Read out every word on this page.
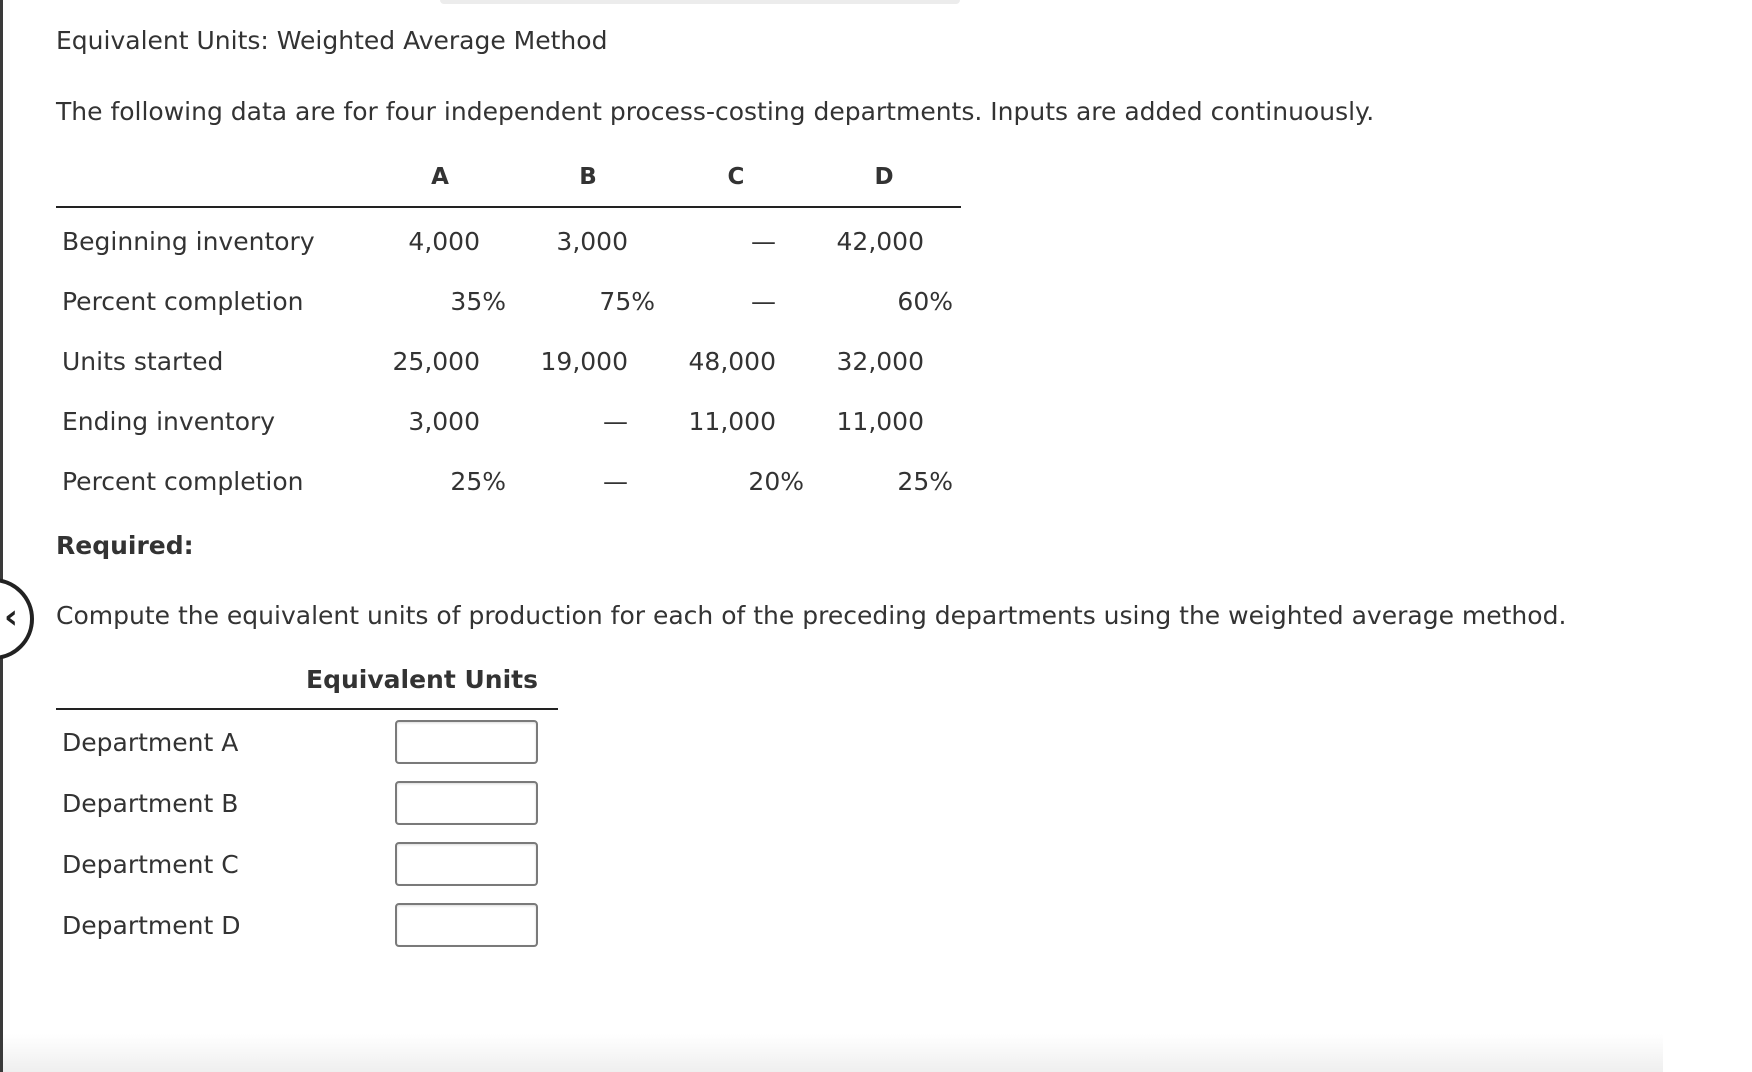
‹
Equivalent Units: Weighted Average Method
The following data are for four independent process-costing departments. Inputs are added continuously.
A	B	C	D
Beginning inventory	4,000	3,000	—	42,000
Percent completion	35%	75%	—	60%
Units started	25,000	19,000	48,000	32,000
Ending inventory	3,000	—	11,000	11,000
Percent completion	25%	—	20%	25%
Required:
Compute the equivalent units of production for each of the preceding departments using the weighted average method.
Equivalent Units
Department A
Department B
Department C
Department D
